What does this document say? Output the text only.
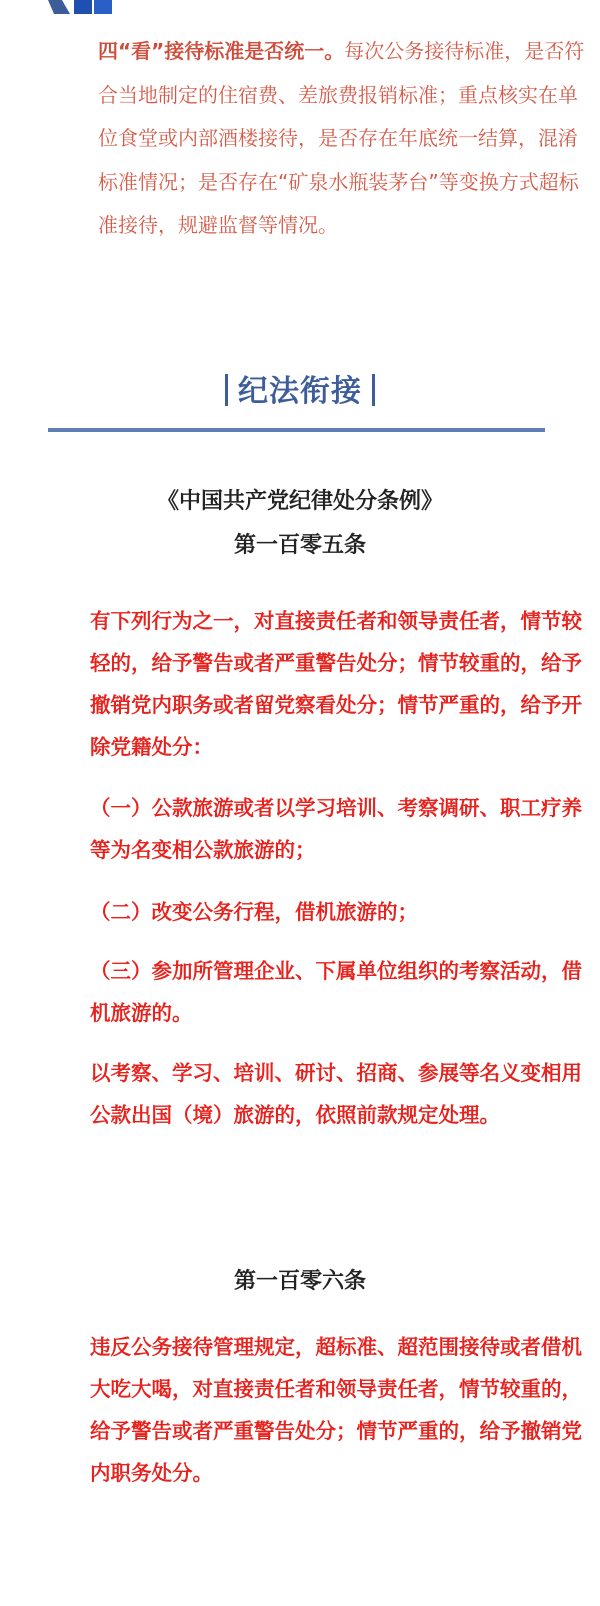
四“看”接待标准是否统一。每次公务接待标准，是否符合当地制定的住宿费、差旅费报销标准；重点核实在单位食堂或内部酒楼接待，是否存在年底统一结算，混淆标准情况；是否存在“矿泉水瓶装茅台”等变换方式超标准接待，规避监督等情况。

纪法衔接

《中国共产党纪律处分条例》

第一百零五条

有下列行为之一，对直接责任者和领导责任者，情节较轻的，给予警告或者严重警告处分；情节较重的，给予撤销党内职务或者留党察看处分；情节严重的，给予开除党籍处分：

（一）公款旅游或者以学习培训、考察调研、职工疗养等为名变相公款旅游的；

（二）改变公务行程，借机旅游的；

（三）参加所管理企业、下属单位组织的考察活动，借机旅游的。

以考察、学习、培训、研讨、招商、参展等名义变相用公款出国（境）旅游的，依照前款规定处理。

第一百零六条

违反公务接待管理规定，超标准、超范围接待或者借机大吃大喝，对直接责任者和领导责任者，情节较重的，给予警告或者严重警告处分；情节严重的，给予撤销党内职务处分。
